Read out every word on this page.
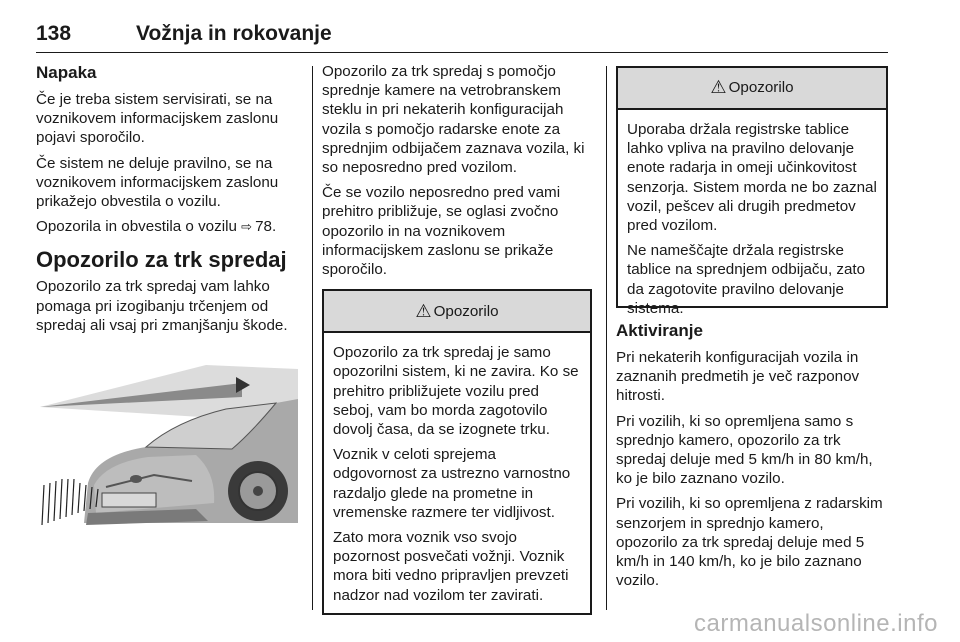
138	Vožnja in rokovanje
Napaka

Če je treba sistem servisirati, se na voznikovem informacijskem zaslonu pojavi sporočilo.

Če sistem ne deluje pravilno, se na voznikovem informacijskem zaslonu prikažejo obvestila o vozilu.

Opozorila in obvestila o vozilu ⇨ 78.

Opozorilo za trk spredaj

Opozorilo za trk spredaj vam lahko pomaga pri izogibanju trčenjem od spredaj ali vsaj pri zmanjšanju škode.

Opozorilo za trk spredaj s pomočjo sprednje kamere na vetrobranskem steklu in pri nekaterih konfiguracijah vozila s pomočjo radarske enote za sprednjim odbijačem zaznava vozila, ki so neposredno pred vozilom.

Če se vozilo neposredno pred vami prehitro približuje, se oglasi zvočno opozorilo in na voznikovem informacijskem zaslonu se prikaže sporočilo.

⚠ Opozorilo

Opozorilo za trk spredaj je samo opozorilni sistem, ki ne zavira. Ko se prehitro približujete vozilu pred seboj, vam bo morda zagotovilo dovolj časa, da se izognete trku.

Voznik v celoti sprejema odgovornost za ustrezno varnostno razdaljo glede na prometne in vremenske razmere ter vidljivost.

Zato mora voznik vso svojo pozornost posvečati vožnji. Voznik mora biti vedno pripravljen prevzeti nadzor nad vozilom ter zavirati.

⚠ Opozorilo

Uporaba držala registrske tablice lahko vpliva na pravilno delovanje enote radarja in omeji učinkovitost senzorja. Sistem morda ne bo zaznal vozil, pešcev ali drugih predmetov pred vozilom.

Ne nameščajte držala registrske tablice na sprednjem odbijaču, zato da zagotovite pravilno delovanje sistema.

Aktiviranje

Pri nekaterih konfiguracijah vozila in zaznanih predmetih je več razponov hitrosti.

Pri vozilih, ki so opremljena samo s sprednjo kamero, opozorilo za trk spredaj deluje med 5 km/h in 80 km/h, ko je bilo zaznano vozilo.

Pri vozilih, ki so opremljena z radarskim senzorjem in sprednjo kamero, opozorilo za trk spredaj deluje med 5 km/h in 140 km/h, ko je bilo zaznano vozilo.

carmanualsonline.info
